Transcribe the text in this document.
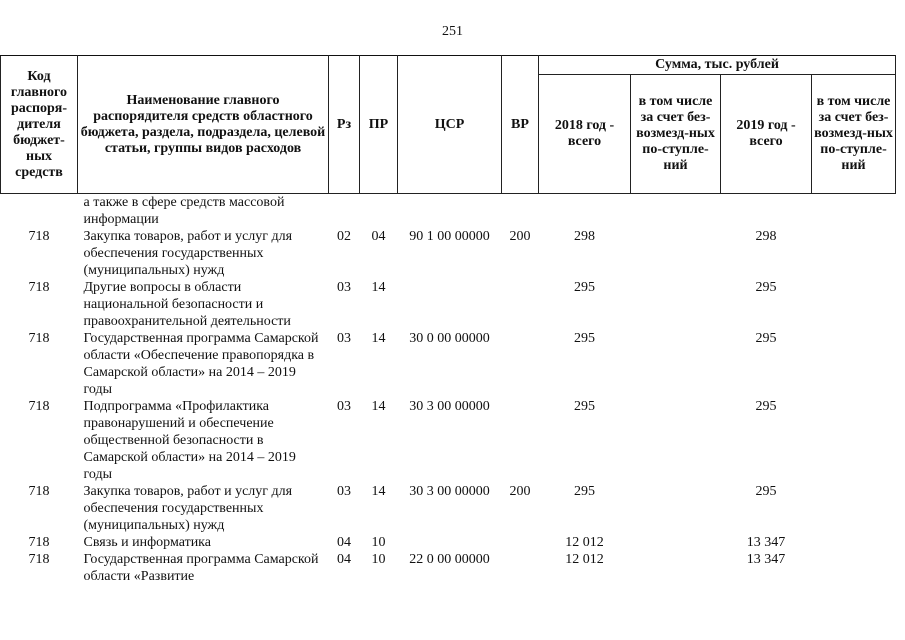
251
Код главного распоря-дителя бюджет-ных средств	Наименование главного распорядителя средств областного бюджета, раздела, подраздела, целевой статьи, группы видов расходов	Рз	ПР	ЦСР	ВР	Сумма, тыс. рублей			
						2018 год - всего	в том числе за счет без-возмезд-ных по-ступле-ний	2019 год - всего	в том числе за счет без-возмезд-ных по-ступле-ний
	а также в сфере средств массовой информации								
718	Закупка товаров, работ и услуг для обеспечения государственных (муниципальных) нужд	02	04	90 1 00 00000	200	298		298	
718	Другие вопросы в области национальной безопасности и правоохранительной деятельности	03	14			295		295	
718	Государственная программа Самарской области «Обеспечение правопорядка в Самарской области» на 2014 – 2019 годы	03	14	30 0 00 00000		295		295	
718	Подпрограмма «Профилактика правонарушений и обеспечение общественной безопасности в Самарской области» на 2014 – 2019 годы	03	14	30 3 00 00000		295		295	
718	Закупка товаров, работ и услуг для обеспечения государственных (муниципальных) нужд	03	14	30 3 00 00000	200	295		295	
718	Связь и информатика	04	10			12 012		13 347	
718	Государственная программа Самарской области «Развитие	04	10	22 0 00 00000		12 012		13 347	
